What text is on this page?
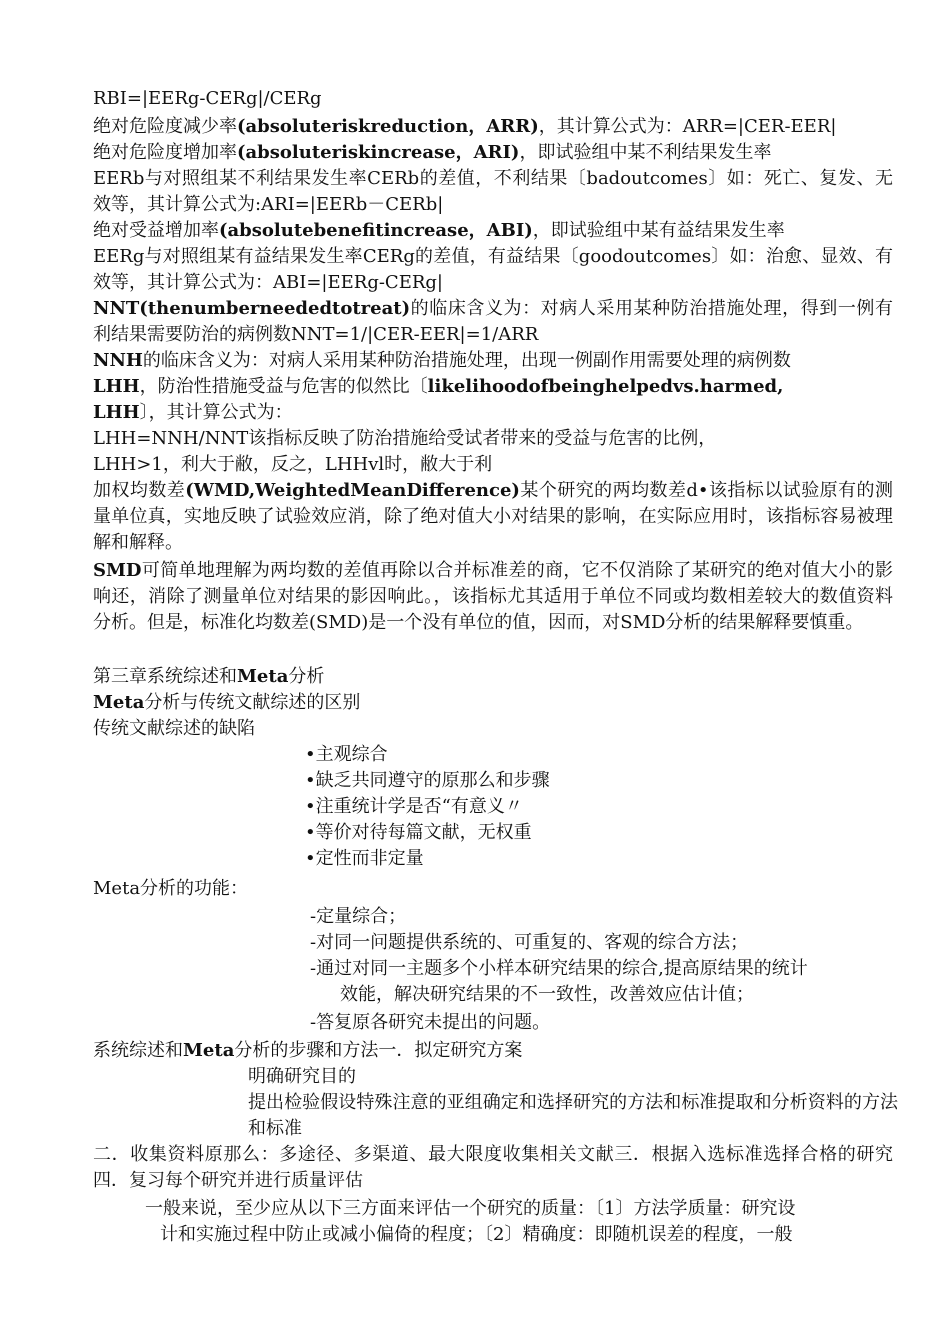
RBI=|EERg-CERg|/CERg

绝对危险度减少率(absoluteriskreduction，ARR)，其计算公式为：ARR=|CER-EER|

绝对危险度增加率(absoluteriskincrease，ARI)，即试验组中某不利结果发生率

EERb与对照组某不利结果发生率CERb的差值，不利结果〔badoutcomes〕如：死亡、复发、无效等，其计算公式为:ARI=|EERb－CERb|

绝对受益增加率(absolutebenefitincrease，ABI)，即试验组中某有益结果发生率

EERg与对照组某有益结果发生率CERg的差值，有益结果〔goodoutcomes〕如：治愈、显效、有效等，其计算公式为：ABI=|EERg-CERg|

NNT(thenumberneededtotreat)的临床含义为：对病人采用某种防治措施处理，得到一例有利结果需要防治的病例数NNT=1/|CER-EER|=1/ARR

NNH的临床含义为：对病人采用某种防治措施处理，出现一例副作用需要处理的病例数

LHH，防治性措施受益与危害的似然比〔likelihoodofbeinghelpedvs.harmed,

LHH〕，其计算公式为：

LHH=NNH/NNT该指标反映了防治措施给受试者带来的受益与危害的比例，

LHH>1，利大于敝，反之，LHHvl时，敝大于利

加权均数差(WMD,WeightedMeanDifference)某个研究的两均数差d•该指标以试验原有的测量单位真，实地反映了试验效应消，除了绝对值大小对结果的影响，在实际应用时，该指标容易被理解和解释。

SMD可简单地理解为两均数的差值再除以合并标准差的商，它不仅消除了某研究的绝对值大小的影响还，消除了测量单位对结果的影因响此。，该指标尤其适用于单位不同或均数相差较大的数值资料分析。但是，标准化均数差(SMD)是一个没有单位的值，因而，对SMD分析的结果解释要慎重。

第三章系统综述和Meta分析

Meta分析与传统文献综述的区别

传统文献综述的缺陷

•主观综合

•缺乏共同遵守的原那么和步骤

•注重统计学是否“有意义〃

•等价对待每篇文献，无权重

•定性而非定量

Meta分析的功能：

-定量综合；

-对同一问题提供系统的、可重复的、客观的综合方法；

-通过对同一主题多个小样本研究结果的综合,提高原结果的统计

效能，解决研究结果的不一致性，改善效应估计值；

-答复原各研究未提出的问题。

系统综述和Meta分析的步骤和方法一．拟定研究方案

明确研究目的

提出检验假设特殊注意的亚组确定和选择研究的方法和标准提取和分析资料的方法和标准

二．收集资料原那么：多途径、多渠道、最大限度收集相关文献三．根据入选标准选择合格的研究四．复习每个研究并进行质量评估

一般来说，至少应从以下三方面来评估一个研究的质量：〔1〕方法学质量：研究设

计和实施过程中防止或减小偏倚的程度；〔2〕精确度：即随机误差的程度，一般
